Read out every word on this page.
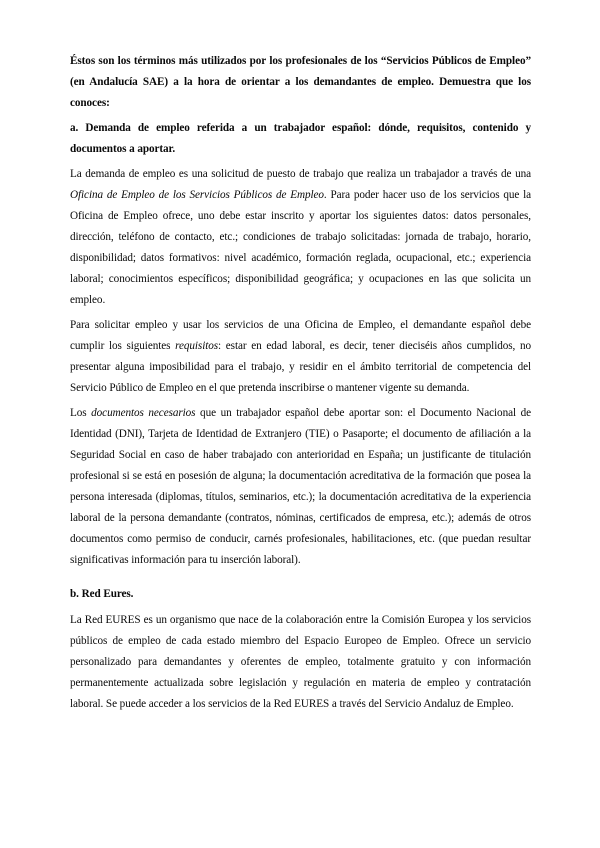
Éstos son los términos más utilizados por los profesionales de los “Servicios Públicos de Empleo” (en Andalucía SAE) a la hora de orientar a los demandantes de empleo. Demuestra que los conoces:

a. Demanda de empleo referida a un trabajador español: dónde, requisitos, contenido y documentos a aportar.

La demanda de empleo es una solicitud de puesto de trabajo que realiza un trabajador a través de una Oficina de Empleo de los Servicios Públicos de Empleo. Para poder hacer uso de los servicios que la Oficina de Empleo ofrece, uno debe estar inscrito y aportar los siguientes datos: datos personales, dirección, teléfono de contacto, etc.; condiciones de trabajo solicitadas: jornada de trabajo, horario, disponibilidad; datos formativos: nivel académico, formación reglada, ocupacional, etc.; experiencia laboral; conocimientos específicos; disponibilidad geográfica; y ocupaciones en las que solicita un empleo.

Para solicitar empleo y usar los servicios de una Oficina de Empleo, el demandante español debe cumplir los siguientes requisitos: estar en edad laboral, es decir, tener dieciséis años cumplidos, no presentar alguna imposibilidad para el trabajo, y residir en el ámbito territorial de competencia del Servicio Público de Empleo en el que pretenda inscribirse o mantener vigente su demanda.

Los documentos necesarios que un trabajador español debe aportar son: el Documento Nacional de Identidad (DNI), Tarjeta de Identidad de Extranjero (TIE) o Pasaporte; el documento de afiliación a la Seguridad Social en caso de haber trabajado con anterioridad en España; un justificante de titulación profesional si se está en posesión de alguna; la documentación acreditativa de la formación que posea la persona interesada (diplomas, títulos, seminarios, etc.); la documentación acreditativa de la experiencia laboral de la persona demandante (contratos, nóminas, certificados de empresa, etc.); además de otros documentos como permiso de conducir, carnés profesionales, habilitaciones, etc. (que puedan resultar significativas información para tu inserción laboral).

b. Red Eures.

La Red EURES es un organismo que nace de la colaboración entre la Comisión Europea y los servicios públicos de empleo de cada estado miembro del Espacio Europeo de Empleo. Ofrece un servicio personalizado para demandantes y oferentes de empleo, totalmente gratuito y con información permanentemente actualizada sobre legislación y regulación en materia de empleo y contratación laboral. Se puede acceder a los servicios de la Red EURES a través del Servicio Andaluz de Empleo.
